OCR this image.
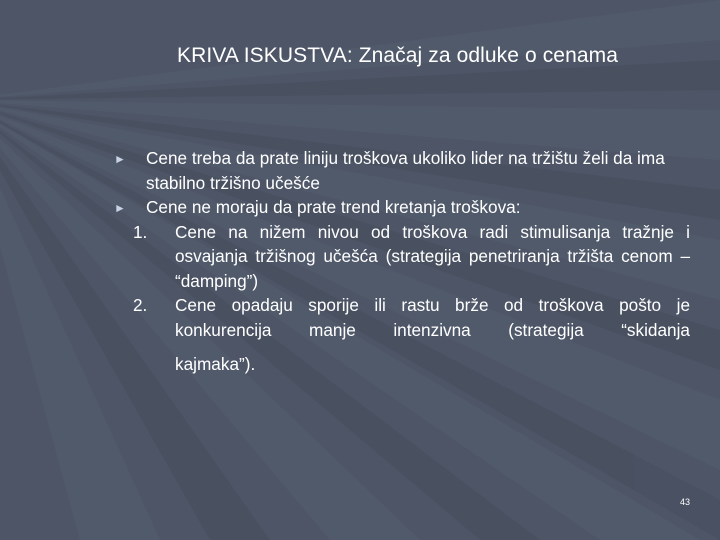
KRIVA ISKUSTVA: Značaj za odluke o cenama
► Cene treba da prate liniju troškova ukoliko lider na tržištu želi da ima stabilno tržišno učešće
► Cene ne moraju da prate trend kretanja troškova:
1. Cene na nižem nivou od troškova radi stimulisanja tražnje i osvajanja tržišnog učešća (strategija penetriranja tržišta cenom – “damping”)
2. Cene opadaju sporije ili rastu brže od troškova pošto je konkurencija manje intenzivna (strategija “skidanja
kajmaka”).
43
